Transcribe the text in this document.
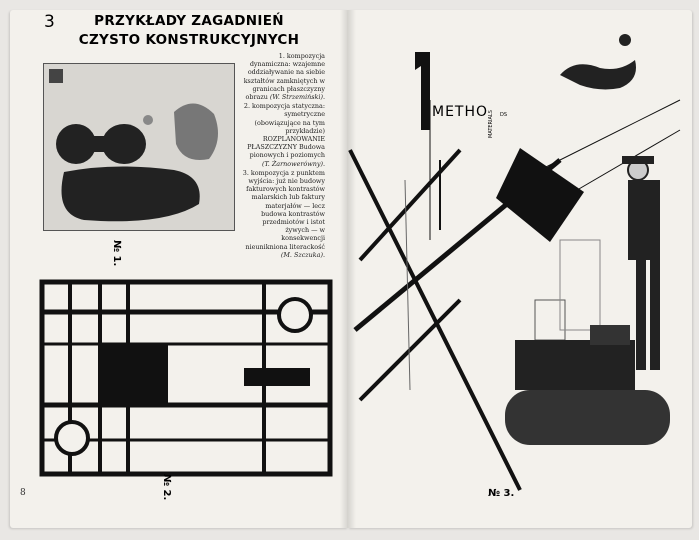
3	PRZYKŁADY ZAGADNIEŃ CZYSTO KONSTRUKCYJNYCH

1. kompozycja dynamiczna: wzajemne oddziaływanie na siebie kształtów zamkniętych w granicach płaszczyzny obrazu (W. Strzemiński).

2. kompozycja statyczna: symetryczne (obowiązujące na tym przykładzie) ROZPLANOWANIE PŁASZCZYZNY Budowa pionowych i poziomych (T. Żarnowerówny).

3. kompozycja z punktem wyjścia: już nie budowy fakturowych kontrastów malarskich lub faktury materjałów — lecz budowa kontrastów przedmiotów i istot żywych — w konsekwencji nieunikniona literackość (M. Szczuka).

№ 1.
№ 2.
8
METHO DS
MATERIALS
№ 3.
